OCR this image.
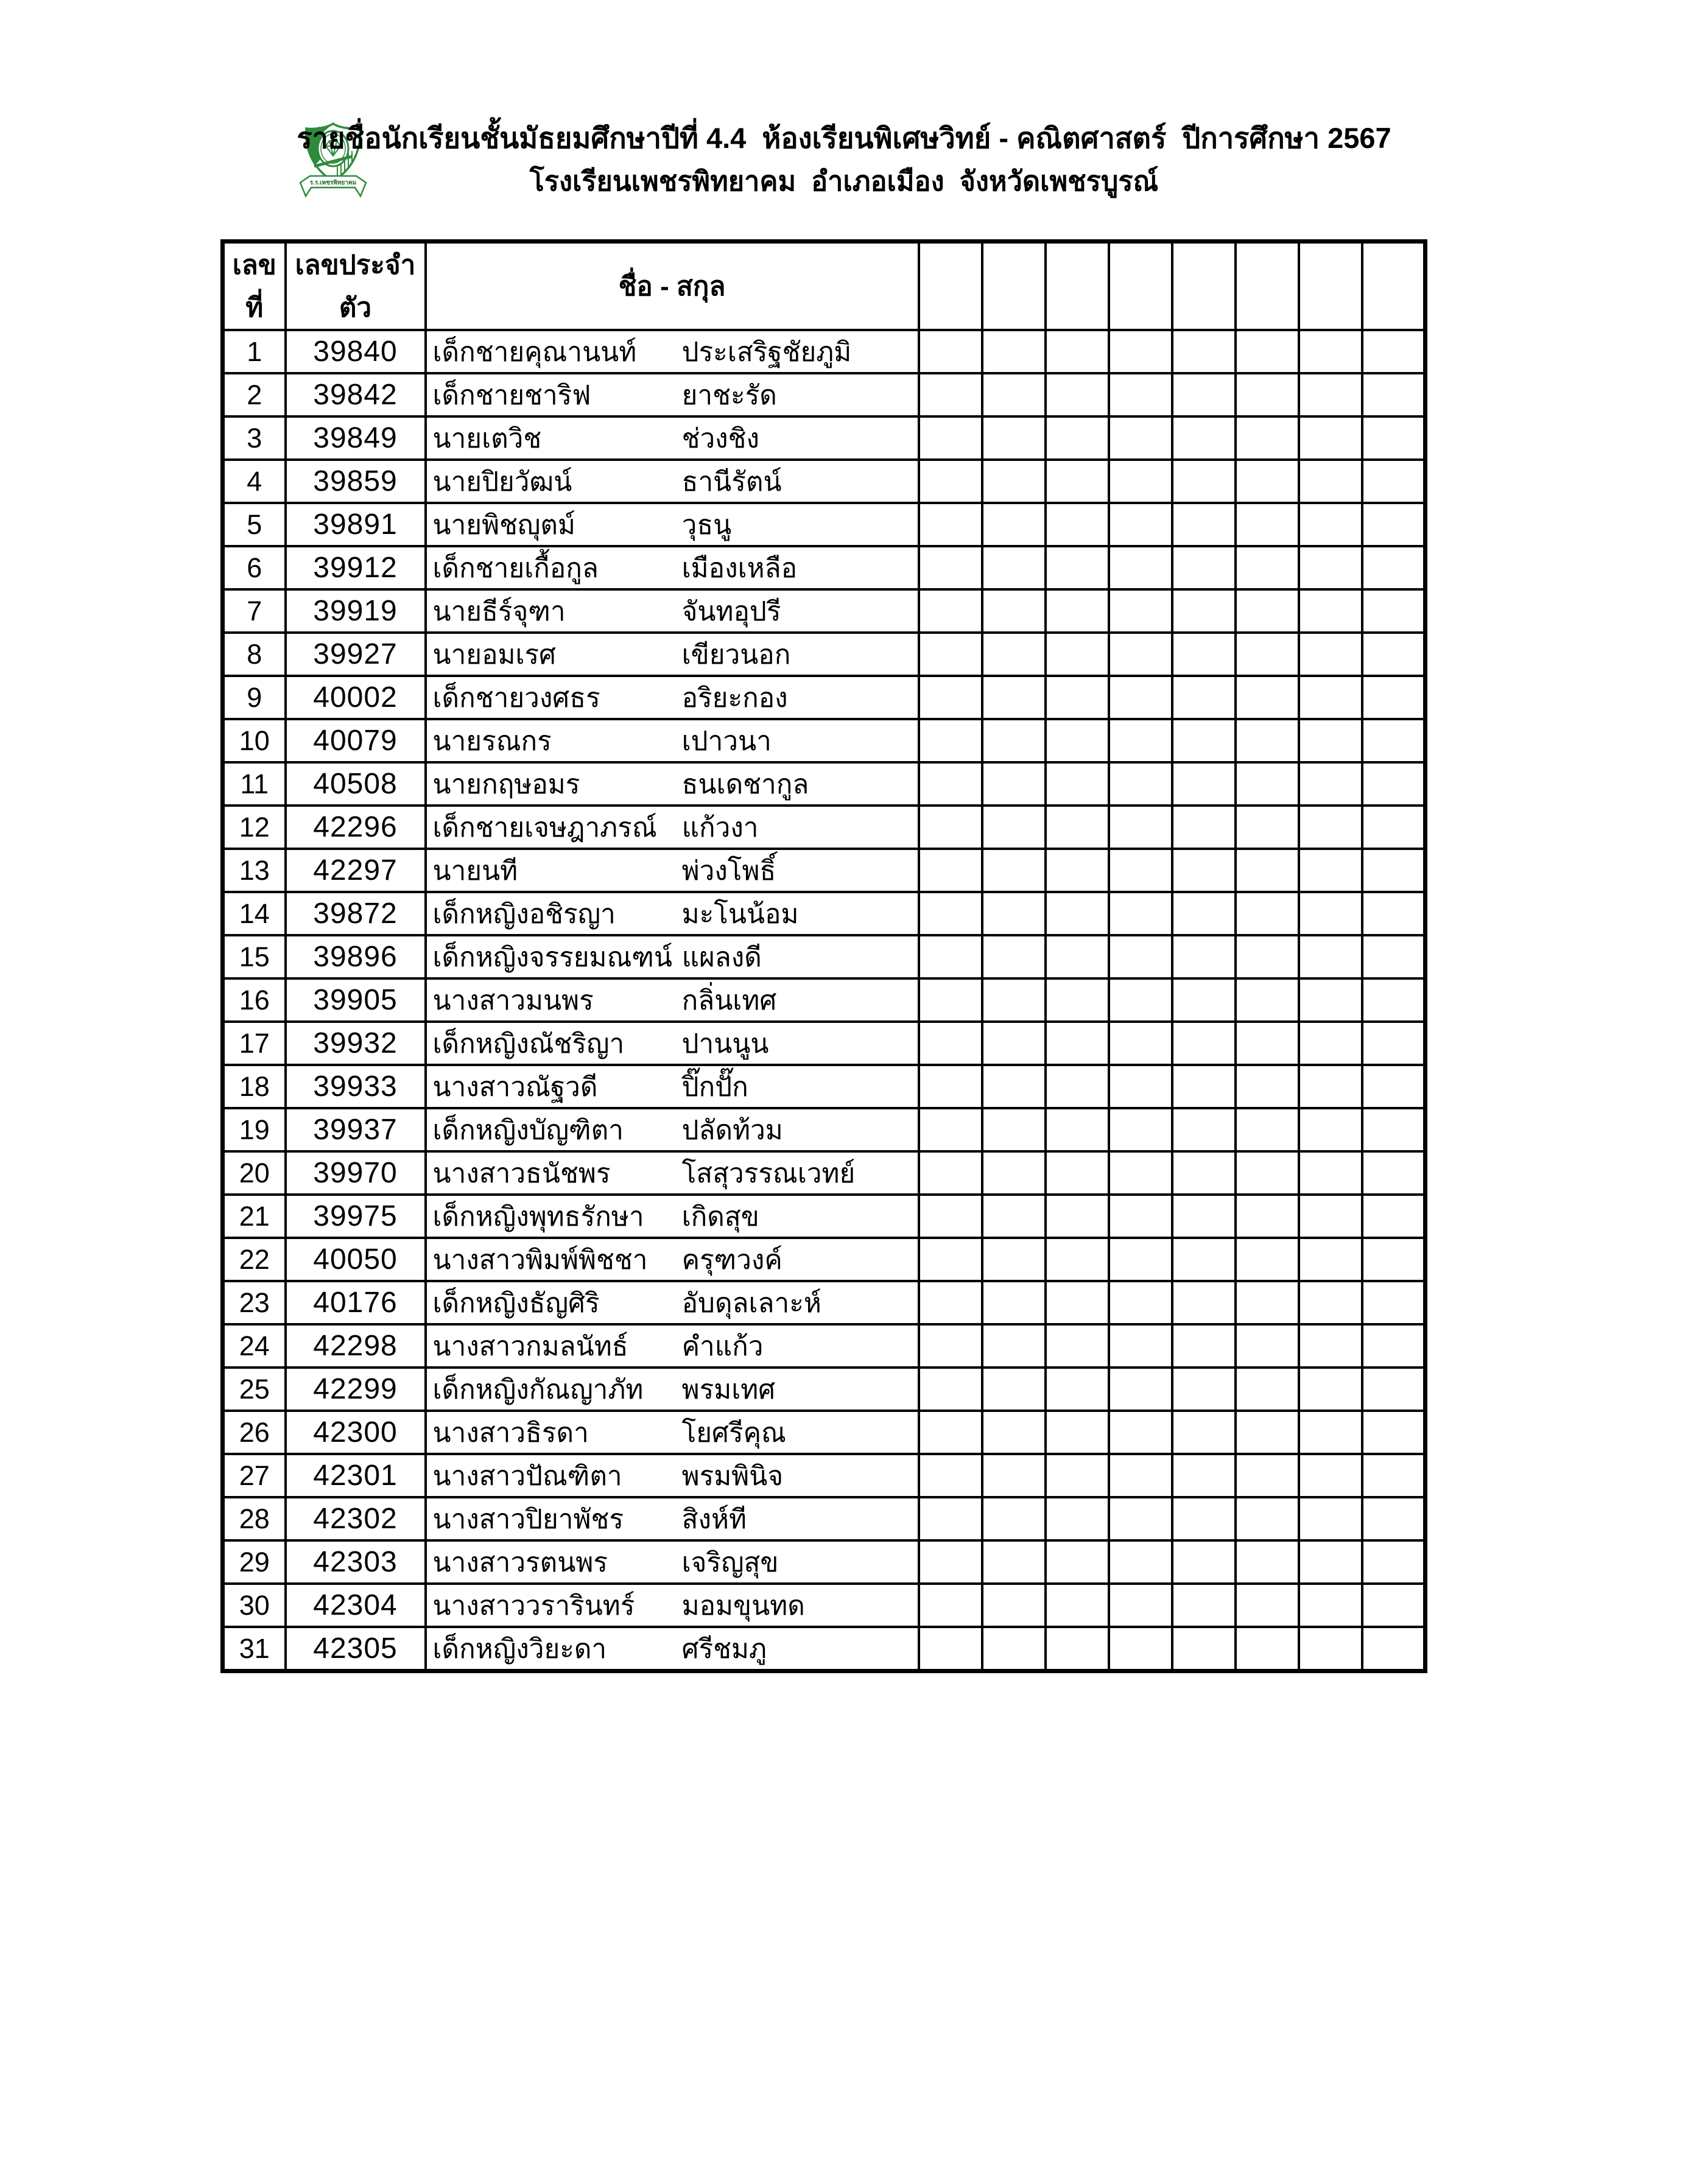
ร.ร.เพชรพิทยาคม
รายชื่อนักเรียนชั้นมัธยมศึกษาปีที่ 4.4  ห้องเรียนพิเศษวิทย์ - คณิตศาสตร์  ปีการศึกษา 2567
โรงเรียนเพชรพิทยาคม  อำเภอเมือง  จังหวัดเพชรบูรณ์
เลขที่	เลขประจำตัว	ชื่อ - สกุล								
1	39840	เด็กชายคุณานนท์ ประเสริฐชัยภูมิ								

2	39842	เด็กชายชาริฟ ยาชะรัด								

3	39849	นายเตวิช ช่วงชิง								

4	39859	นายปิยวัฒน์ ธานีรัตน์								

5	39891	นายพิชญุตม์ วุธนู								

6	39912	เด็กชายเกื้อกูล เมืองเหลือ								

7	39919	นายธีร์จุฑา จันทอุปรี								

8	39927	นายอมเรศ เขียวนอก								

9	40002	เด็กชายวงศธร อริยะกอง								

10	40079	นายรณกร เปาวนา								

11	40508	นายกฤษอมร ธนเดชากูล								

12	42296	เด็กชายเจษฎาภรณ์ แก้วงา								

13	42297	นายนที พ่วงโพธิ์								

14	39872	เด็กหญิงอชิรญา มะโนน้อม								

15	39896	เด็กหญิงจรรยมณฑน์ แผลงดี								

16	39905	นางสาวมนพร กลิ่นเทศ								

17	39932	เด็กหญิงณัชริญา ปานนูน								

18	39933	นางสาวณัฐวดี ปิ๊กปั๊ก								

19	39937	เด็กหญิงบัญฑิตา ปลัดท้วม								

20	39970	นางสาวธนัชพร โสสุวรรณเวทย์								

21	39975	เด็กหญิงพุทธรักษา เกิดสุข								

22	40050	นางสาวพิมพ์พิชชา ครุฑวงค์								

23	40176	เด็กหญิงธัญศิริ อับดุลเลาะห์								

24	42298	นางสาวกมลนัทธ์ คำแก้ว								

25	42299	เด็กหญิงกัณญาภัท พรมเทศ								

26	42300	นางสาวธิรดา โยศรีคุณ								

27	42301	นางสาวปัณฑิตา พรมพินิจ								

28	42302	นางสาวปิยาพัชร สิงห์ที								

29	42303	นางสาวรตนพร เจริญสุข								

30	42304	นางสาววรารินทร์ มอมขุนทด								

31	42305	เด็กหญิงวิยะดา ศรีชมภู								
